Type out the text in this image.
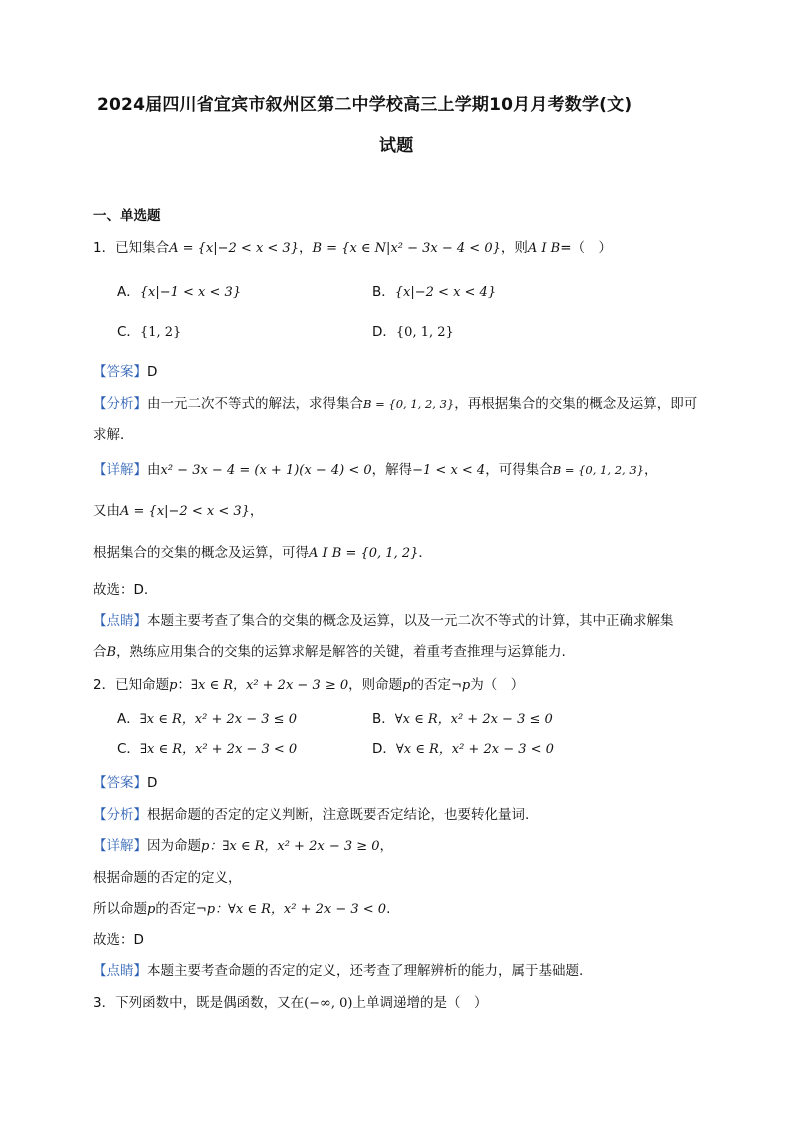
2024届四川省宜宾市叙州区第二中学校高三上学期10月月考数学(文)
试题
一、单选题
1．已知集合A = {x|−2 < x < 3}，B = {x ∈ N|x² − 3x − 4 < 0}，则A I B=（　）
A．{x|−1 < x < 3}	B．{x|−2 < x < 4}
C．{1, 2}	D．{0, 1, 2}
【答案】D
【分析】由一元二次不等式的解法，求得集合B = {0, 1, 2, 3}，再根据集合的交集的概念及运算，即可
求解．
【详解】由x² − 3x − 4 = (x + 1)(x − 4) < 0，解得−1 < x < 4，可得集合B = {0, 1, 2, 3}，
又由A = {x|−2 < x < 3}，
根据集合的交集的概念及运算，可得A I B = {0, 1, 2}．
故选：D.
【点睛】本题主要考查了集合的交集的概念及运算，以及一元二次不等式的计算，其中正确求解集
合B，熟练应用集合的交集的运算求解是解答的关键，着重考查推理与运算能力.
2．已知命题p：∃x ∈ R，x² + 2x − 3 ≥ 0，则命题p的否定¬p为（　）
A．∃x ∈ R，x² + 2x − 3 ≤ 0	B．∀x ∈ R，x² + 2x − 3 ≤ 0
C．∃x ∈ R，x² + 2x − 3 < 0	D．∀x ∈ R，x² + 2x − 3 < 0
【答案】D
【分析】根据命题的否定的定义判断，注意既要否定结论，也要转化量词.
【详解】因为命题p：∃x ∈ R，x² + 2x − 3 ≥ 0，
根据命题的否定的定义，
所以命题p的否定¬p：∀x ∈ R，x² + 2x − 3 < 0.
故选：D
【点睛】本题主要考查命题的否定的定义，还考查了理解辨析的能力，属于基础题.
3．下列函数中，既是偶函数，又在(−∞, 0)上单调递增的是（　）
